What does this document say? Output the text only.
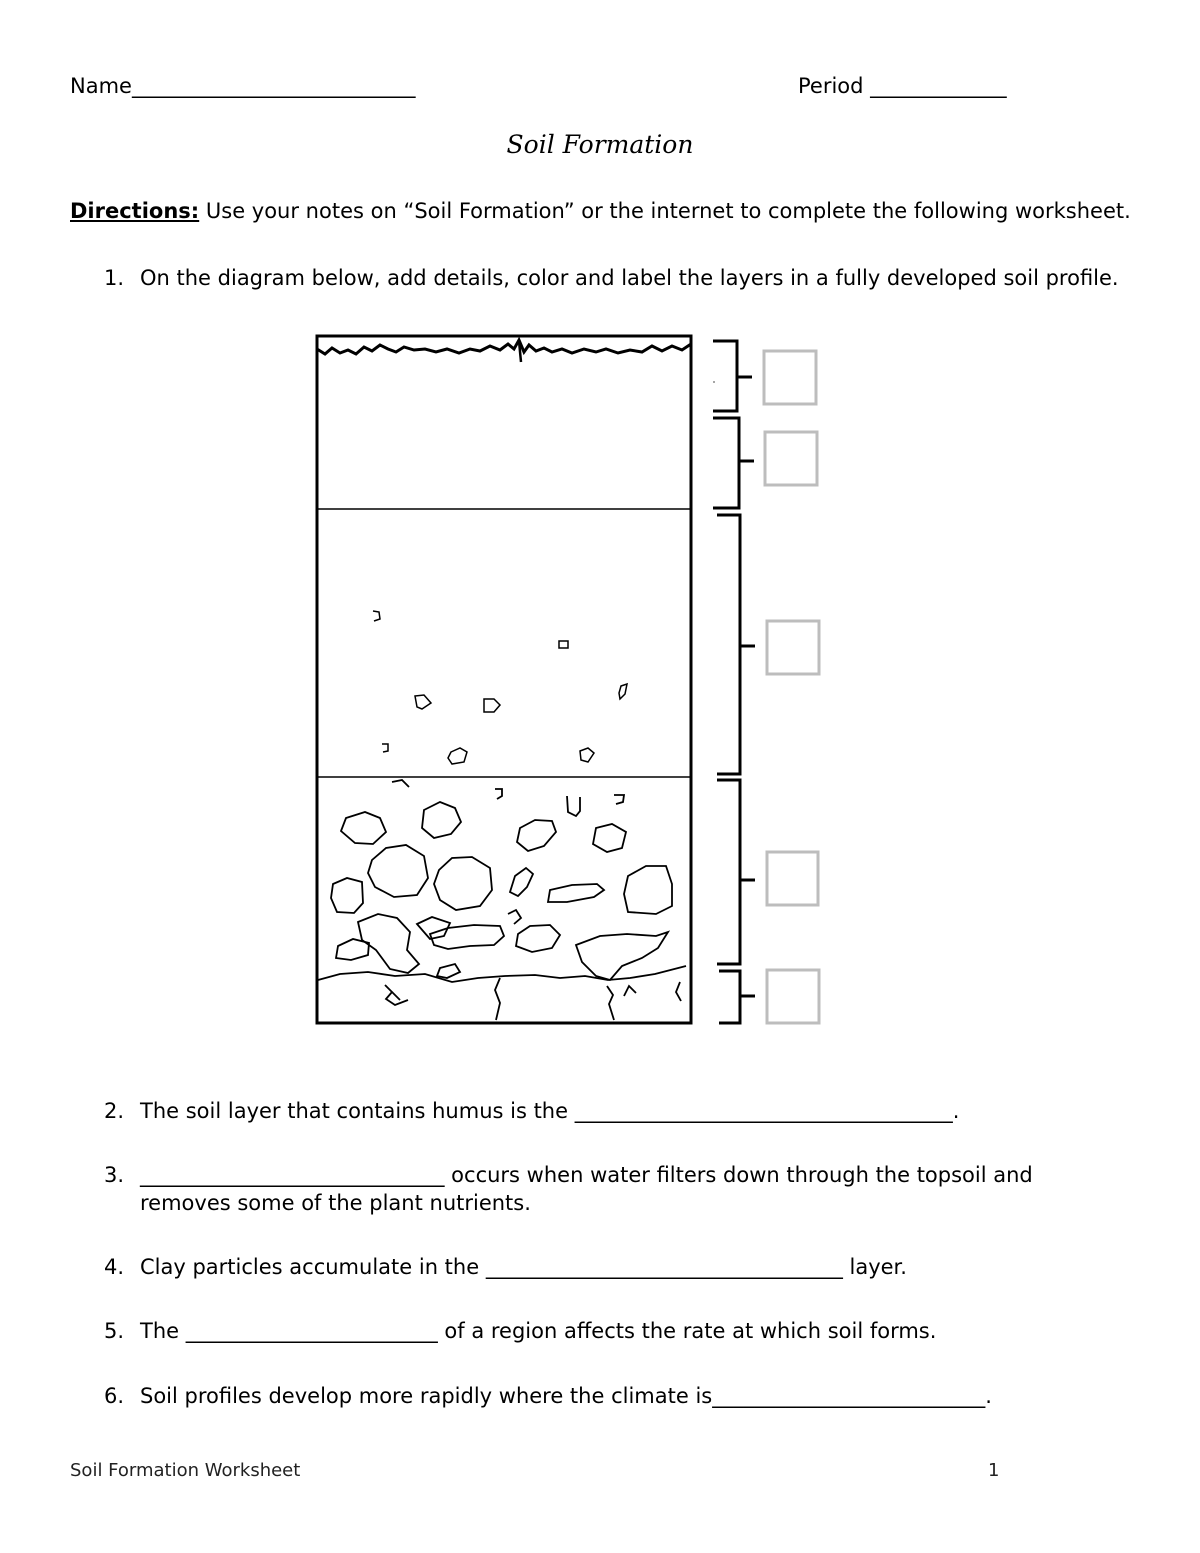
Name___________________________	Period _____________
Soil Formation
Directions: Use your notes on “Soil Formation” or the internet to complete the following worksheet.
1. On the diagram below, add details, color and label the layers in a fully developed soil profile.
2. The soil layer that contains humus is the ____________________________________.
3. _____________________________ occurs when water filters down through the topsoil and removes some of the plant nutrients.
4. Clay particles accumulate in the __________________________________ layer.
5. The ________________________ of a region affects the rate at which soil forms.
6. Soil profiles develop more rapidly where the climate is__________________________.
Soil Formation Worksheet	1
